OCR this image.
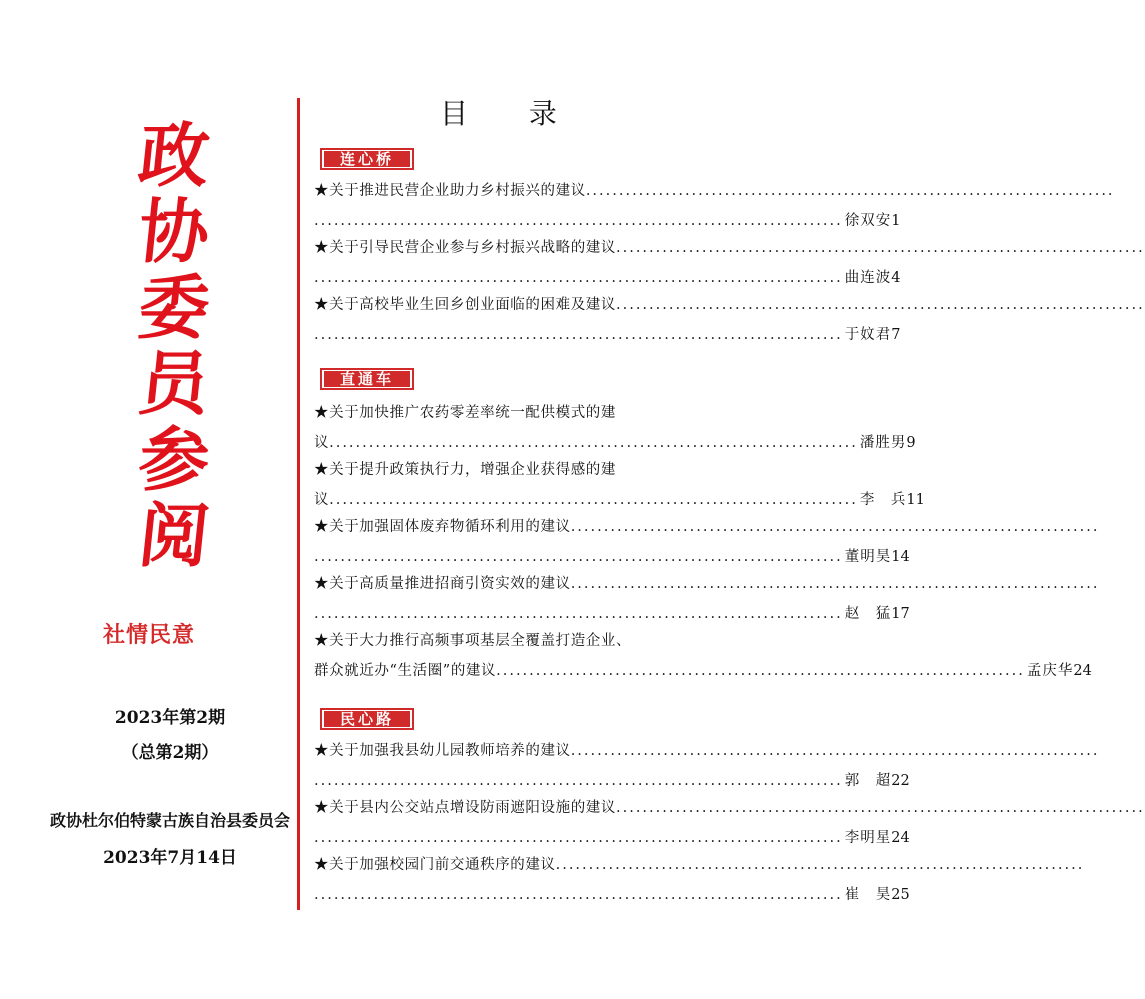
政
协
委
员
参
阅
社情民意
2023年第2期
（总第2期）
政协杜尔伯特蒙古族自治县委员会
2023年7月14日
目 录
连心桥
★关于推进民营企业助力乡村振兴的建议 ................................................................................
................................................................................ 徐双安 1
★关于引导民营企业参与乡村振兴战略的建议 ................................................................................
................................................................................ 曲连波 4
★关于高校毕业生回乡创业面临的困难及建议 ................................................................................
................................................................................ 于妏君 7
直通车
★关于加快推广农药零差率统一配供模式的建
议 ................................................................................ 潘胜男 9
★关于提升政策执行力，增强企业获得感的建
议 ................................................................................ 李　兵 11
★关于加强固体废弃物循环利用的建议 ................................................................................
................................................................................ 董明昊 14
★关于高质量推进招商引资实效的建议 ................................................................................
................................................................................ 赵　猛 17
★关于大力推行高频事项基层全覆盖打造企业、
群众就近办“生活圈”的建议 ................................................................................ 孟庆华 24
民心路
★关于加强我县幼儿园教师培养的建议 ................................................................................
................................................................................ 郭　超 22
★关于县内公交站点增设防雨遮阳设施的建议 ................................................................................
................................................................................ 李明星 24
★关于加强校园门前交通秩序的建议 ................................................................................
................................................................................ 崔　昊 25
